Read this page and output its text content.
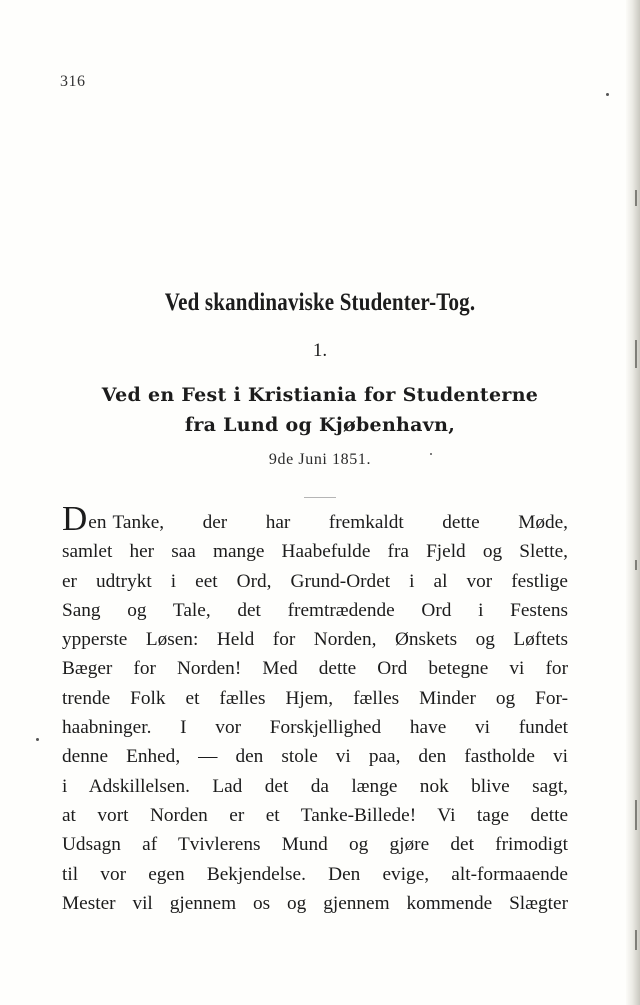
316
Ved skandinaviske Studenter-Tog.
1.
Ved en Fest i Kristiania for Studenterne
fra Lund og Kjøbenhavn,
9de Juni 1851.
Den Tanke, der har fremkaldt dette Møde,
samlet her saa mange Haabefulde fra Fjeld og Slette,
er udtrykt i eet Ord, Grund-Ordet i al vor festlige
Sang og Tale, det fremtrædende Ord i Festens
ypperste Løsen: Held for Norden, Ønskets og Løftets
Bæger for Norden! Med dette Ord betegne vi for
trende Folk et fælles Hjem, fælles Minder og For-
haabninger. I vor Forskjellighed have vi fundet
denne Enhed, — den stole vi paa, den fastholde vi
i Adskillelsen. Lad det da længe nok blive sagt,
at vort Norden er et Tanke-Billede! Vi tage dette
Udsagn af Tvivlerens Mund og gjøre det frimodigt
til vor egen Bekjendelse. Den evige, alt-formaaende
Mester vil gjennem os og gjennem kommende Slægter
